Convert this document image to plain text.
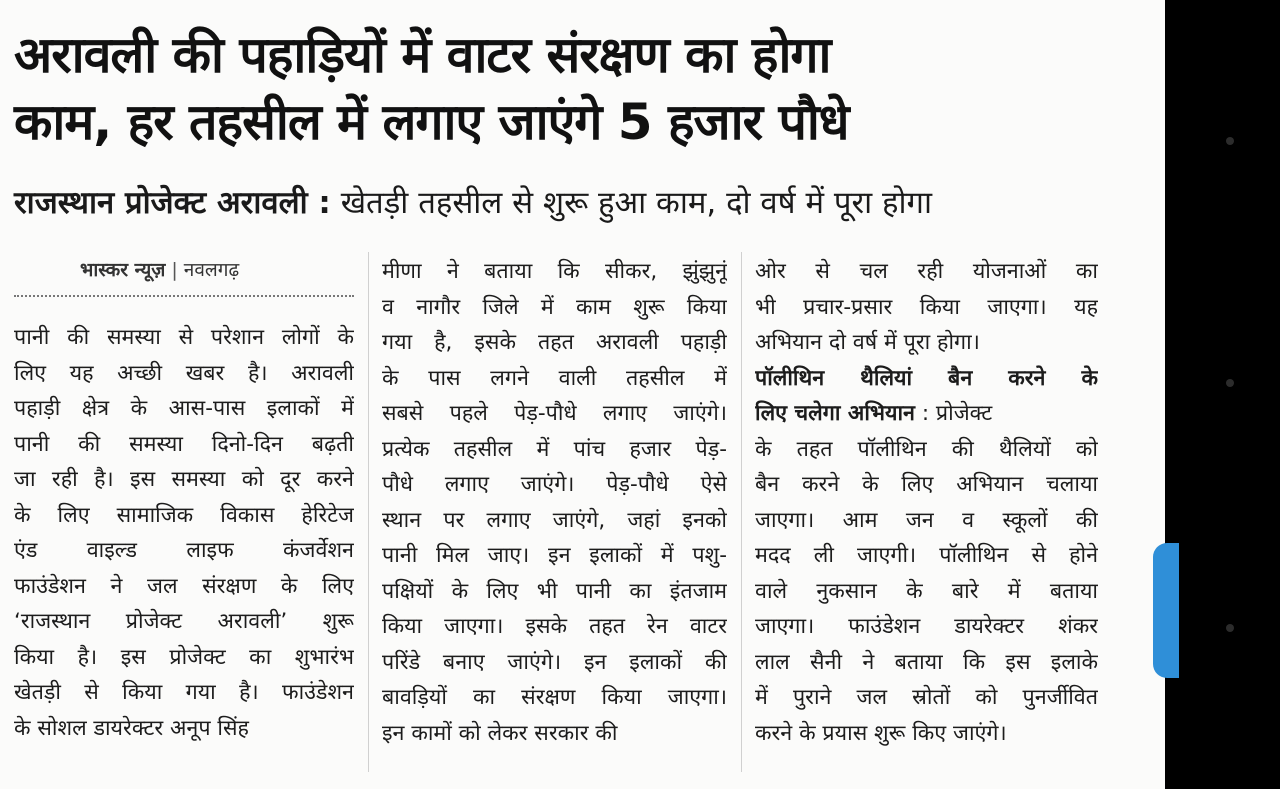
अरावली की पहाड़ियों में वाटर संरक्षण का होगा
काम, हर तहसील में लगाए जाएंगे 5 हजार पौधे
राजस्थान प्रोजेक्ट अरावली : खेतड़ी तहसील से शुरू हुआ काम, दो वर्ष में पूरा होगा
भास्कर न्यूज़ | नवलगढ़
पानी की समस्या से परेशान लोगों के
लिए यह अच्छी खबर है। अरावली
पहाड़ी क्षेत्र के आस-पास इलाकों में
पानी की समस्या दिनो-दिन बढ़ती
जा रही है। इस समस्या को दूर करने
के लिए सामाजिक विकास हेरिटेज
एंड वाइल्ड लाइफ कंजर्वेशन
फाउंडेशन ने जल संरक्षण के लिए
‘राजस्थान प्रोजेक्ट अरावली’ शुरू
किया है। इस प्रोजेक्ट का शुभारंभ
खेतड़ी से किया गया है। फाउंडेशन
के सोशल डायरेक्टर अनूप सिंह
मीणा ने बताया कि सीकर, झुंझुनूं
व नागौर जिले में काम शुरू किया
गया है, इसके तहत अरावली पहाड़ी
के पास लगने वाली तहसील में
सबसे पहले पेड़-पौधे लगाए जाएंगे।
प्रत्येक तहसील में पांच हजार पेड़-
पौधे लगाए जाएंगे। पेड़-पौधे ऐसे
स्थान पर लगाए जाएंगे, जहां इनको
पानी मिल जाए। इन इलाकों में पशु-
पक्षियों के लिए भी पानी का इंतजाम
किया जाएगा। इसके तहत रेन वाटर
परिंडे बनाए जाएंगे। इन इलाकों की
बावड़ियों का संरक्षण किया जाएगा।
इन कामों को लेकर सरकार की
ओर से चल रही योजनाओं का
भी प्रचार-प्रसार किया जाएगा। यह
अभियान दो वर्ष में पूरा होगा।
पॉलीथिन थैलियां बैन करने के
लिए चलेगा अभियान : प्रोजेक्ट
के तहत पॉलीथिन की थैलियों को
बैन करने के लिए अभियान चलाया
जाएगा। आम जन व स्कूलों की
मदद ली जाएगी। पॉलीथिन से होने
वाले नुकसान के बारे में बताया
जाएगा। फाउंडेशन डायरेक्टर शंकर
लाल सैनी ने बताया कि इस इलाके
में पुराने जल स्रोतों को पुनर्जीवित
करने के प्रयास शुरू किए जाएंगे।
